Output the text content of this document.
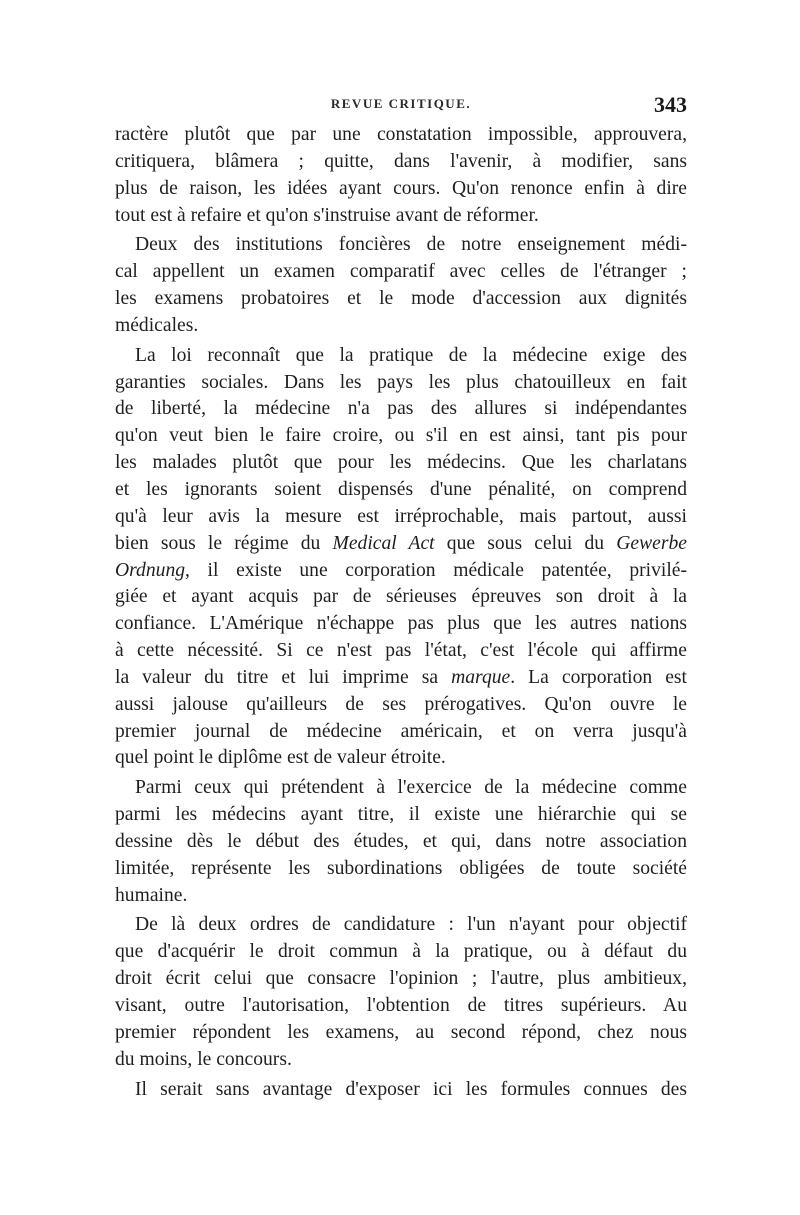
REVUE CRITIQUE.	343
ractère plutôt que par une constatation impossible, approuvera,
critiquera, blâmera ; quitte, dans l'avenir, à modifier, sans
plus de raison, les idées ayant cours. Qu'on renonce enfin à dire
tout est à refaire et qu'on s'instruise avant de réformer.
Deux des institutions foncières de notre enseignement médi-
cal appellent un examen comparatif avec celles de l'étranger ;
les examens probatoires et le mode d'accession aux dignités
médicales.
La loi reconnaît que la pratique de la médecine exige des
garanties sociales. Dans les pays les plus chatouilleux en fait
de liberté, la médecine n'a pas des allures si indépendantes
qu'on veut bien le faire croire, ou s'il en est ainsi, tant pis pour
les malades plutôt que pour les médecins. Que les charlatans
et les ignorants soient dispensés d'une pénalité, on comprend
qu'à leur avis la mesure est irréprochable, mais partout, aussi
bien sous le régime du Medical Act que sous celui du Gewerbe
Ordnung, il existe une corporation médicale patentée, privilé-
giée et ayant acquis par de sérieuses épreuves son droit à la
confiance. L'Amérique n'échappe pas plus que les autres nations
à cette nécessité. Si ce n'est pas l'état, c'est l'école qui affirme
la valeur du titre et lui imprime sa marque. La corporation est
aussi jalouse qu'ailleurs de ses prérogatives. Qu'on ouvre le
premier journal de médecine américain, et on verra jusqu'à
quel point le diplôme est de valeur étroite.
Parmi ceux qui prétendent à l'exercice de la médecine comme
parmi les médecins ayant titre, il existe une hiérarchie qui se
dessine dès le début des études, et qui, dans notre association
limitée, représente les subordinations obligées de toute société
humaine.
De là deux ordres de candidature : l'un n'ayant pour objectif
que d'acquérir le droit commun à la pratique, ou à défaut du
droit écrit celui que consacre l'opinion ; l'autre, plus ambitieux,
visant, outre l'autorisation, l'obtention de titres supérieurs. Au
premier répondent les examens, au second répond, chez nous
du moins, le concours.
Il serait sans avantage d'exposer ici les formules connues des
